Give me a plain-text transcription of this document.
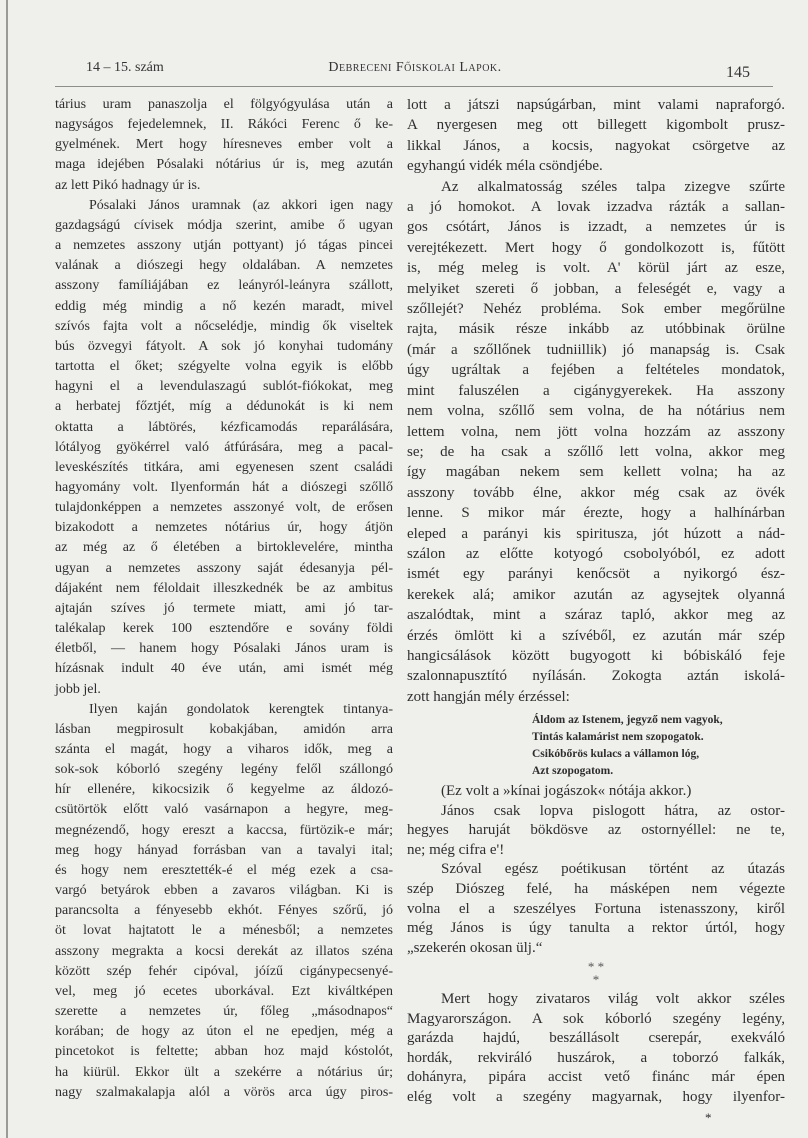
14 – 15. szám	Debreceni Főiskolai Lapok.	145
tárius uram panaszolja el fölgyógyulása után a
nagyságos fejedelemnek, II. Rákóci Ferenc ő ke-
gyelmének. Mert hogy híresneves ember volt a
maga idejében Pósalaki nótárius úr is, meg azután
az lett Pikó hadnagy úr is.
Pósalaki János uramnak (az akkori igen nagy
gazdagságú cívisek módja szerint, amibe ő ugyan
a nemzetes asszony utján pottyant) jó tágas pincei
valának a diószegi hegy oldalában. A nemzetes
asszony famíliájában ez leányról-leányra szállott,
eddig még mindig a nő kezén maradt, mivel
szívós fajta volt a nőcselédje, mindig ők viseltek
bús özvegyi fátyolt. A sok jó konyhai tudomány
tartotta el őket; szégyelte volna egyik is előbb
hagyni el a levendulaszagú sublót-fiókokat, meg
a herbatej főztjét, míg a dédunokát is ki nem
oktatta a lábtörés, kézficamodás reparálására,
lótályog gyökérrel való átfúrására, meg a pacal-
leveskészítés titkára, ami egyenesen szent családi
hagyomány volt. Ilyenformán hát a diószegi szőllő
tulajdonképpen a nemzetes asszonyé volt, de erősen
bizakodott a nemzetes nótárius úr, hogy átjön
az még az ő életében a birtoklevelére, mintha
ugyan a nemzetes asszony saját édesanyja pél-
dájaként nem féloldait illeszkednék be az ambitus
ajtaján szíves jó termete miatt, ami jó tar-
talékalap kerek 100 esztendőre e sovány földi
életből, — hanem hogy Pósalaki János uram is
hízásnak indult 40 éve után, ami ismét még
jobb jel.
Ilyen kaján gondolatok kerengtek tintanya-
lásban megpirosult kobakjában, amidón arra
szánta el magát, hogy a viharos idők, meg a
sok-sok kóborló szegény legény felől szállongó
hír ellenére, kikocsizik ő kegyelme az áldozó-
csütörtök előtt való vasárnapon a hegyre, meg-
megnézendő, hogy ereszt a kaccsa, fürtözik-e már;
meg hogy hányad forrásban van a tavalyi ital;
és hogy nem eresztették-é el még ezek a csa-
vargó betyárok ebben a zavaros világban. Ki is
parancsolta a fényesebb ekhót. Fényes szőrű, jó
öt lovat hajtatott le a ménesből; a nemzetes
asszony megrakta a kocsi derekát az illatos széna
között szép fehér cipóval, jóízű cigánypecsenyé-
vel, meg jó ecetes uborkával. Ezt kiváltképen
szerette a nemzetes úr, főleg „másodnapos“
korában; de hogy az úton el ne epedjen, még a
pincetokot is feltette; abban hoz majd kóstolót,
ha kiürül. Ekkor ült a szekérre a nótárius úr;
nagy szalmakalapja alól a vörös arca úgy piros-
lott a játszi napsúgárban, mint valami napraforgó.
A nyergesen meg ott billegett kigombolt prusz-
likkal János, a kocsis, nagyokat csörgetve az
egyhangú vidék méla csöndjébe.
Az alkalmatosság széles talpa zizegve szűrte
a jó homokot. A lovak izzadva rázták a sallan-
gos csótárt, János is izzadt, a nemzetes úr is
verejtékezett. Mert hogy ő gondolkozott is, fűtött
is, még meleg is volt. A' körül járt az esze,
melyiket szereti ő jobban, a feleségét e, vagy a
szőllejét? Nehéz probléma. Sok ember megőrülne
rajta, másik része inkább az utóbbinak örülne
(már a szőllőnek tudniillik) jó manapság is. Csak
úgy ugráltak a fejében a feltételes mondatok,
mint faluszélen a cigánygyerekek. Ha asszony
nem volna, szőllő sem volna, de ha nótárius nem
lettem volna, nem jött volna hozzám az asszony
se; de ha csak a szőllő lett volna, akkor meg
így magában nekem sem kellett volna; ha az
asszony tovább élne, akkor még csak az övék
lenne. S mikor már érezte, hogy a halhínárban
eleped a parányi kis spiritusza, jót húzott a nád-
szálon az előtte kotyogó csobolyóból, ez adott
ismét egy parányi kenőcsöt a nyikorgó ész-
kerekek alá; amikor azután az agysejtek olyanná
aszalódtak, mint a száraz tapló, akkor meg az
érzés ömlött ki a szívéből, ez azután már szép
hangicsálások között bugyogott ki bóbiskáló feje
szalonnapusztító nyílásán. Zokogta aztán iskolá-
zott hangján mély érzéssel:
Áldom az Istenem, jegyző nem vagyok,
Tintás kalamárist nem szopogatok.
Csikóbőrös kulacs a vállamon lóg,
Azt szopogatom.
(Ez volt a »kínai jogászok« nótája akkor.)
János csak lopva pislogott hátra, az ostor-
hegyes haruját bökdösve az ostornyéllel: ne te,
ne; még cifra e'!
Szóval egész poétikusan történt az útazás
szép Diószeg felé, ha másképen nem végezte
volna el a szeszélyes Fortuna istenasszony, kiről
még János is úgy tanulta a rektor úrtól, hogy
„szekerén okosan ülj.“
* *
*
Mert hogy zivataros világ volt akkor széles
Magyarországon. A sok kóborló szegény legény,
garázda hajdú, beszállásolt cserepár, exekváló
hordák, rekviráló huszárok, a toborzó falkák,
dohányra, pipára accist vető finánc már épen
elég volt a szegény magyarnak, hogy ilyenfor-
*
